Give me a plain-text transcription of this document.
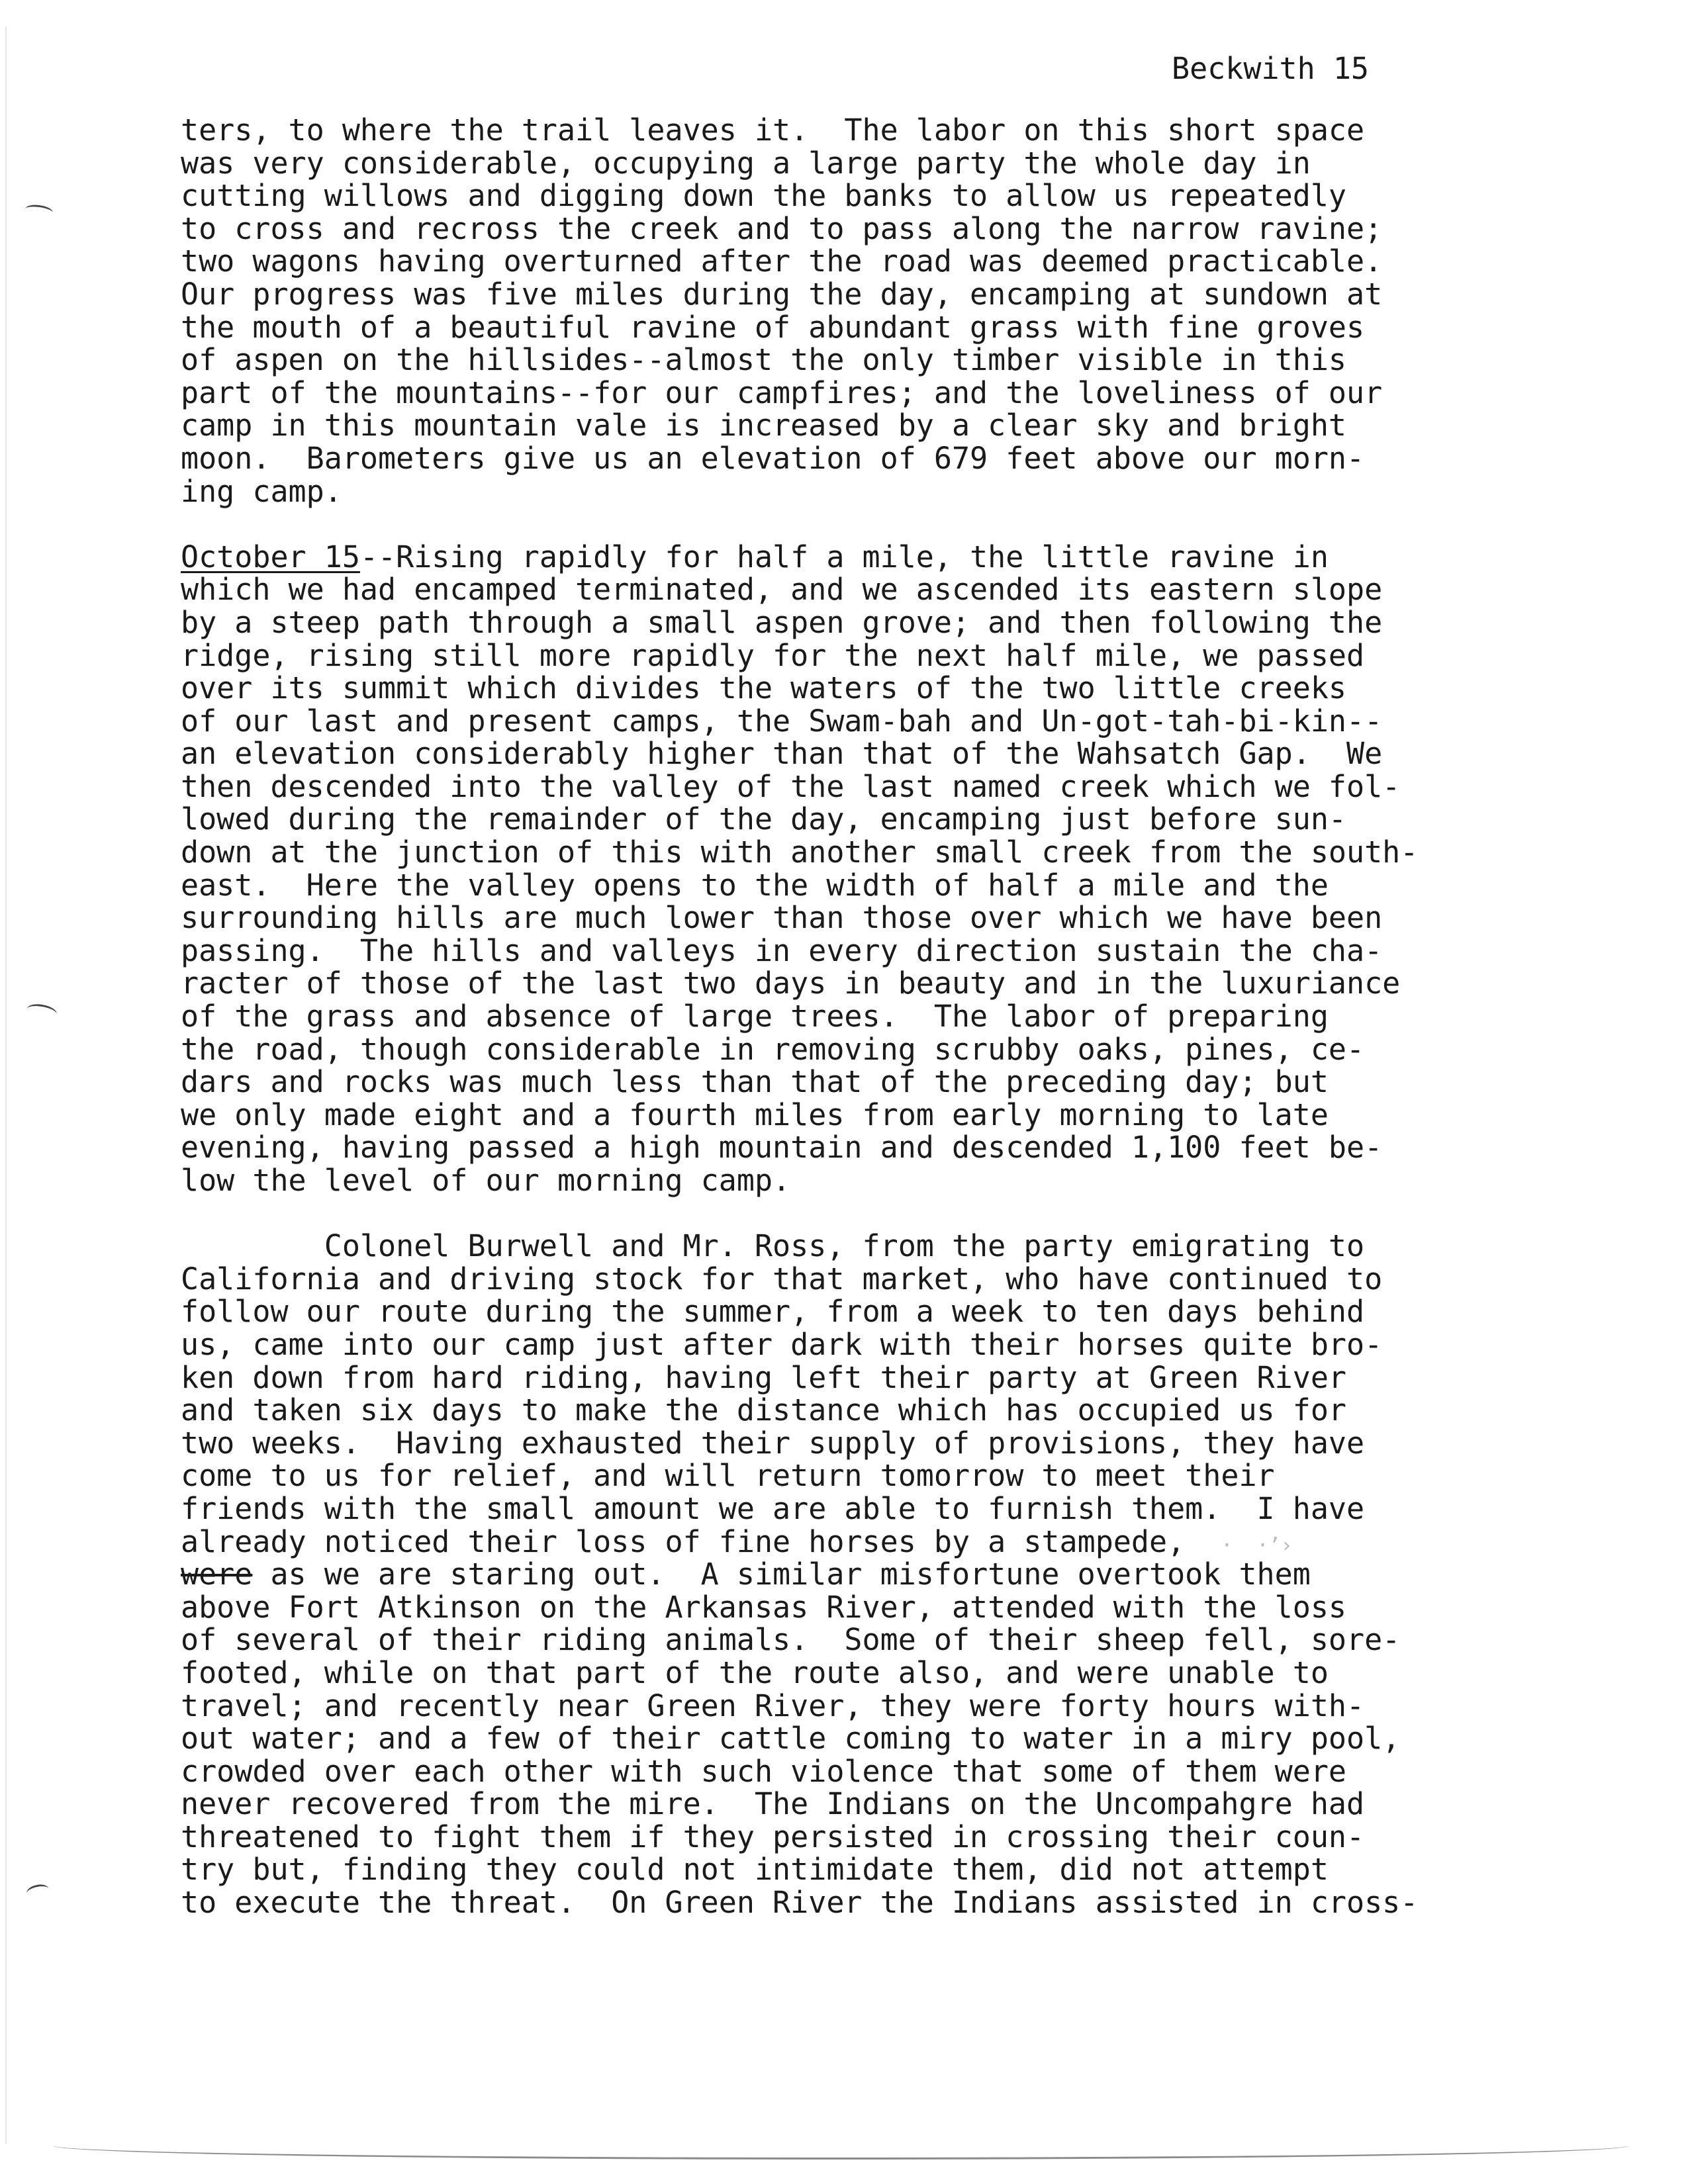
Beckwith 15
ters, to where the trail leaves it.  The labor on this short space
was very considerable, occupying a large party the whole day in
cutting willows and digging down the banks to allow us repeatedly
to cross and recross the creek and to pass along the narrow ravine;
two wagons having overturned after the road was deemed practicable.
Our progress was five miles during the day, encamping at sundown at
the mouth of a beautiful ravine of abundant grass with fine groves
of aspen on the hillsides--almost the only timber visible in this
part of the mountains--for our campfires; and the loveliness of our
camp in this mountain vale is increased by a clear sky and bright
moon.  Barometers give us an elevation of 679 feet above our morn-
ing camp.
October 15--Rising rapidly for half a mile, the little ravine in
which we had encamped terminated, and we ascended its eastern slope
by a steep path through a small aspen grove; and then following the
ridge, rising still more rapidly for the next half mile, we passed
over its summit which divides the waters of the two little creeks
of our last and present camps, the Swam-bah and Un-got-tah-bi-kin--
an elevation considerably higher than that of the Wahsatch Gap.  We
then descended into the valley of the last named creek which we fol-
lowed during the remainder of the day, encamping just before sun-
down at the junction of this with another small creek from the south-
east.  Here the valley opens to the width of half a mile and the
surrounding hills are much lower than those over which we have been
passing.  The hills and valleys in every direction sustain the cha-
racter of those of the last two days in beauty and in the luxuriance
of the grass and absence of large trees.  The labor of preparing
the road, though considerable in removing scrubby oaks, pines, ce-
dars and rocks was much less than that of the preceding day; but
we only made eight and a fourth miles from early morning to late
evening, having passed a high mountain and descended 1,100 feet be-
low the level of our morning camp.
Colonel Burwell and Mr. Ross, from the party emigrating to
California and driving stock for that market, who have continued to
follow our route during the summer, from a week to ten days behind
us, came into our camp just after dark with their horses quite bro-
ken down from hard riding, having left their party at Green River
and taken six days to make the distance which has occupied us for
two weeks.  Having exhausted their supply of provisions, they have
come to us for relief, and will return tomorrow to meet their
friends with the small amount we are able to furnish them.  I have
already noticed their loss of fine horses by a stampede,   ·  ·’›
were as we are staring out.  A similar misfortune overtook them
above Fort Atkinson on the Arkansas River, attended with the loss
of several of their riding animals.  Some of their sheep fell, sore-
footed, while on that part of the route also, and were unable to
travel; and recently near Green River, they were forty hours with-
out water; and a few of their cattle coming to water in a miry pool,
crowded over each other with such violence that some of them were
never recovered from the mire.  The Indians on the Uncompahgre had
threatened to fight them if they persisted in crossing their coun-
try but, finding they could not intimidate them, did not attempt
to execute the threat.  On Green River the Indians assisted in cross-
